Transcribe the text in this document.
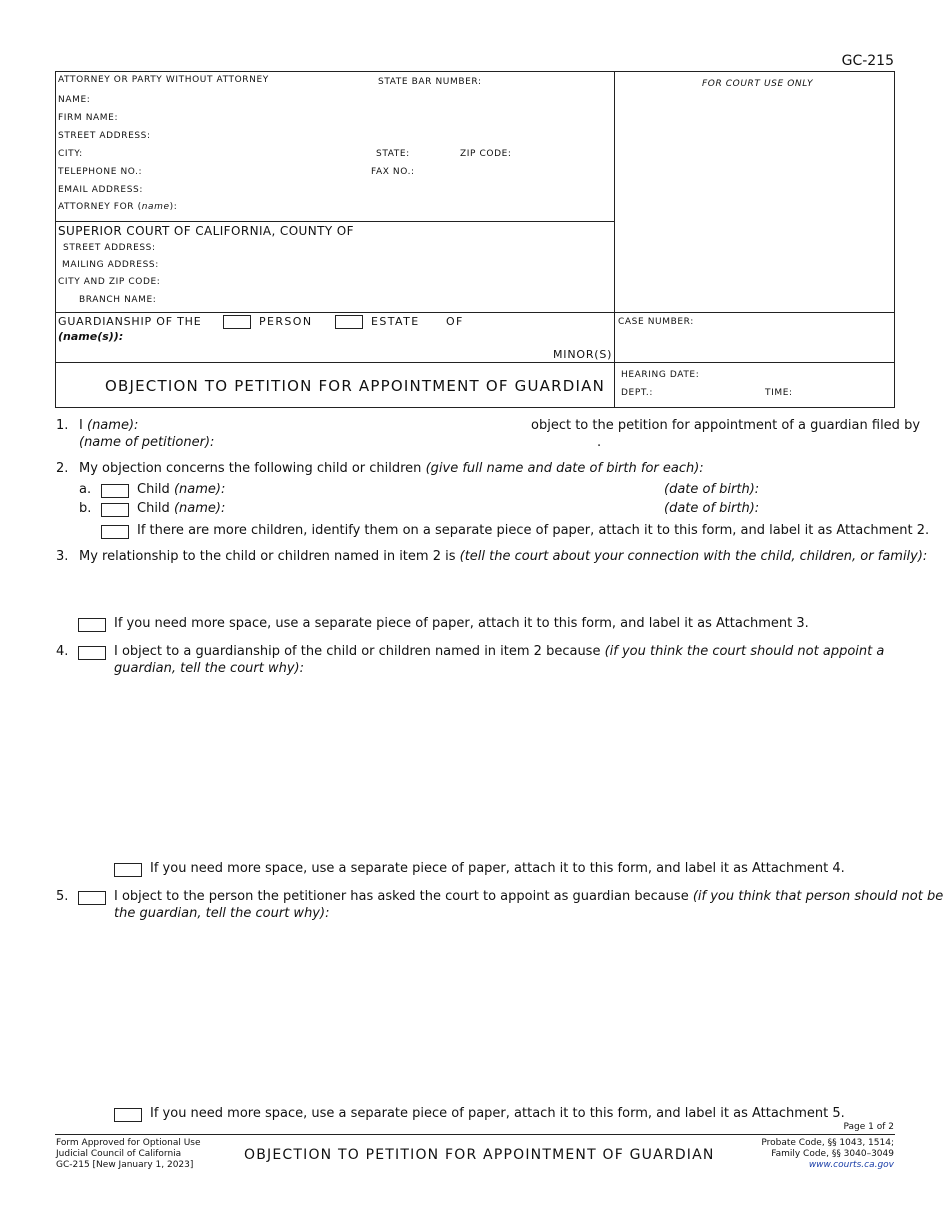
GC-215
ATTORNEY OR PARTY WITHOUT ATTORNEY	STATE BAR NUMBER:	FOR COURT USE ONLY
NAME:
FIRM NAME:
STREET ADDRESS:
CITY:	STATE:	ZIP CODE:
TELEPHONE NO.:	FAX NO.:
EMAIL ADDRESS:
ATTORNEY FOR (name):
SUPERIOR COURT OF CALIFORNIA, COUNTY OF
STREET ADDRESS:
MAILING ADDRESS:
CITY AND ZIP CODE:
BRANCH NAME:
GUARDIANSHIP OF THE	PERSON	ESTATE OF
(name(s)):
MINOR(S)
CASE NUMBER:
HEARING DATE:
DEPT.:	TIME:
OBJECTION TO PETITION FOR APPOINTMENT OF GUARDIAN
1. I (name):	object to the petition for appointment of a guardian filed by
(name of petitioner):	.
2. My objection concerns the following child or children (give full name and date of birth for each):
a.	Child (name):	(date of birth):
b.	Child (name):	(date of birth):
If there are more children, identify them on a separate piece of paper, attach it to this form, and label it as Attachment 2.
3. My relationship to the child or children named in item 2 is (tell the court about your connection with the child, children, or family):
If you need more space, use a separate piece of paper, attach it to this form, and label it as Attachment 3.
4.	I object to a guardianship of the child or children named in item 2 because (if you think the court should not appoint a
guardian, tell the court why):
If you need more space, use a separate piece of paper, attach it to this form, and label it as Attachment 4.
5.	I object to the person the petitioner has asked the court to appoint as guardian because (if you think that person should not be
the guardian, tell the court why):
If you need more space, use a separate piece of paper, attach it to this form, and label it as Attachment 5.
Page 1 of 2
Form Approved for Optional Use
Judicial Council of California
GC-215 [New January 1, 2023]
OBJECTION TO PETITION FOR APPOINTMENT OF GUARDIAN
Probate Code, §§ 1043, 1514;
Family Code, §§ 3040–3049
www.courts.ca.gov
